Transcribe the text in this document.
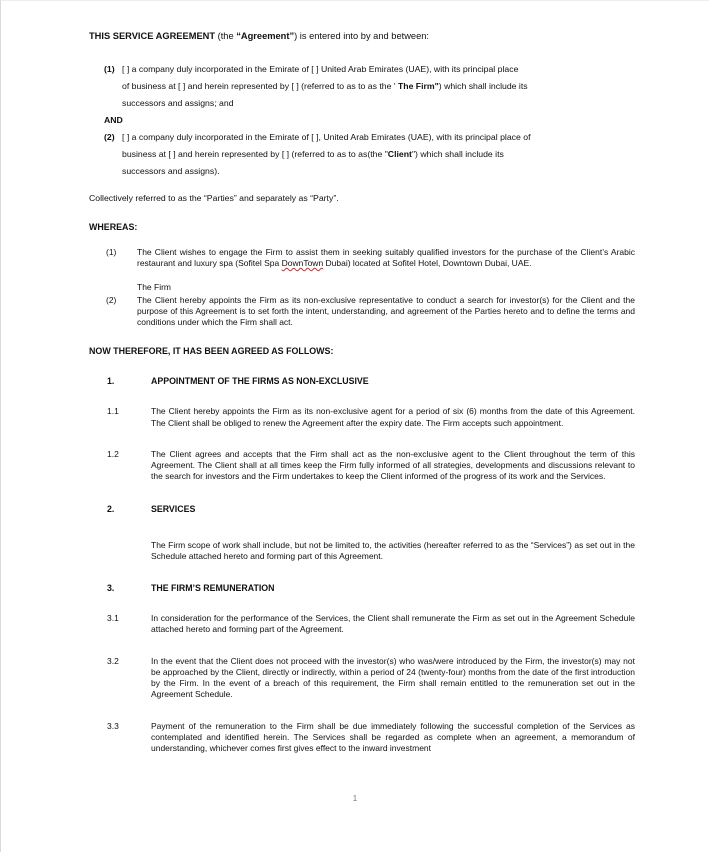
THIS SERVICE AGREEMENT (the “Agreement”) is entered into by and between:

(1) [ ] a company duly incorporated in the Emirate of [ ] United Arab Emirates (UAE), with its principal place
of business at [ ] and herein represented by [ ] (referred to as to as the ' The Firm") which shall include its
successors and assigns; and
AND
(2) [ ] a company duly incorporated in the Emirate of [ ], United Arab Emirates (UAE), with its principal place of
business at [ ] and herein represented by [ ] (referred to as to as(the "Client") which shall include its
successors and assigns).

Collectively referred to as the “Parties” and separately as “Party”.

WHEREAS:

(1) The Client wishes to engage the Firm to assist them in seeking suitably qualified investors for the purchase of the Client’s Arabic restaurant and luxury spa (Sofitel Spa DownTown Dubai) located at Sofitel Hotel, Downtown Dubai, UAE.

The Firm

(2) The Client hereby appoints the Firm as its non-exclusive representative to conduct a search for investor(s) for the Client and the purpose of this Agreement is to set forth the intent, understanding, and agreement of the Parties hereto and to define the terms and conditions under which the Firm shall act.

NOW THEREFORE, IT HAS BEEN AGREED AS FOLLOWS:

1.	APPOINTMENT OF THE FIRMS AS NON-EXCLUSIVE

1.1	The Client hereby appoints the Firm as its non-exclusive agent for a period of six (6) months from the date of this Agreement. The Client shall be obliged to renew the Agreement after the expiry date. The Firm accepts such appointment.

1.2	The Client agrees and accepts that the Firm shall act as the non-exclusive agent to the Client throughout the term of this Agreement. The Client shall at all times keep the Firm fully informed of all strategies, developments and discussions relevant to the search for investors and the Firm undertakes to keep the Client informed of the progress of its work and the Services.

2.	SERVICES

The Firm scope of work shall include, but not be limited to, the activities (hereafter referred to as the “Services”) as set out in the Schedule attached hereto and forming part of this Agreement.

3.	THE FIRM’S REMUNERATION

3.1	In consideration for the performance of the Services, the Client shall remunerate the Firm as set out in the Agreement Schedule attached hereto and forming part of the Agreement.

3.2	In the event that the Client does not proceed with the investor(s) who was/were introduced by the Firm, the investor(s) may not be approached by the Client, directly or indirectly, within a period of 24 (twenty-four) months from the date of the first introduction by the Firm. In the event of a breach of this requirement, the Firm shall remain entitled to the remuneration set out in the Agreement Schedule.

3.3	Payment of the remuneration to the Firm shall be due immediately following the successful completion of the Services as contemplated and identified herein. The Services shall be regarded as complete when an agreement, a memorandum of understanding, whichever comes first gives effect to the inward investment

1
